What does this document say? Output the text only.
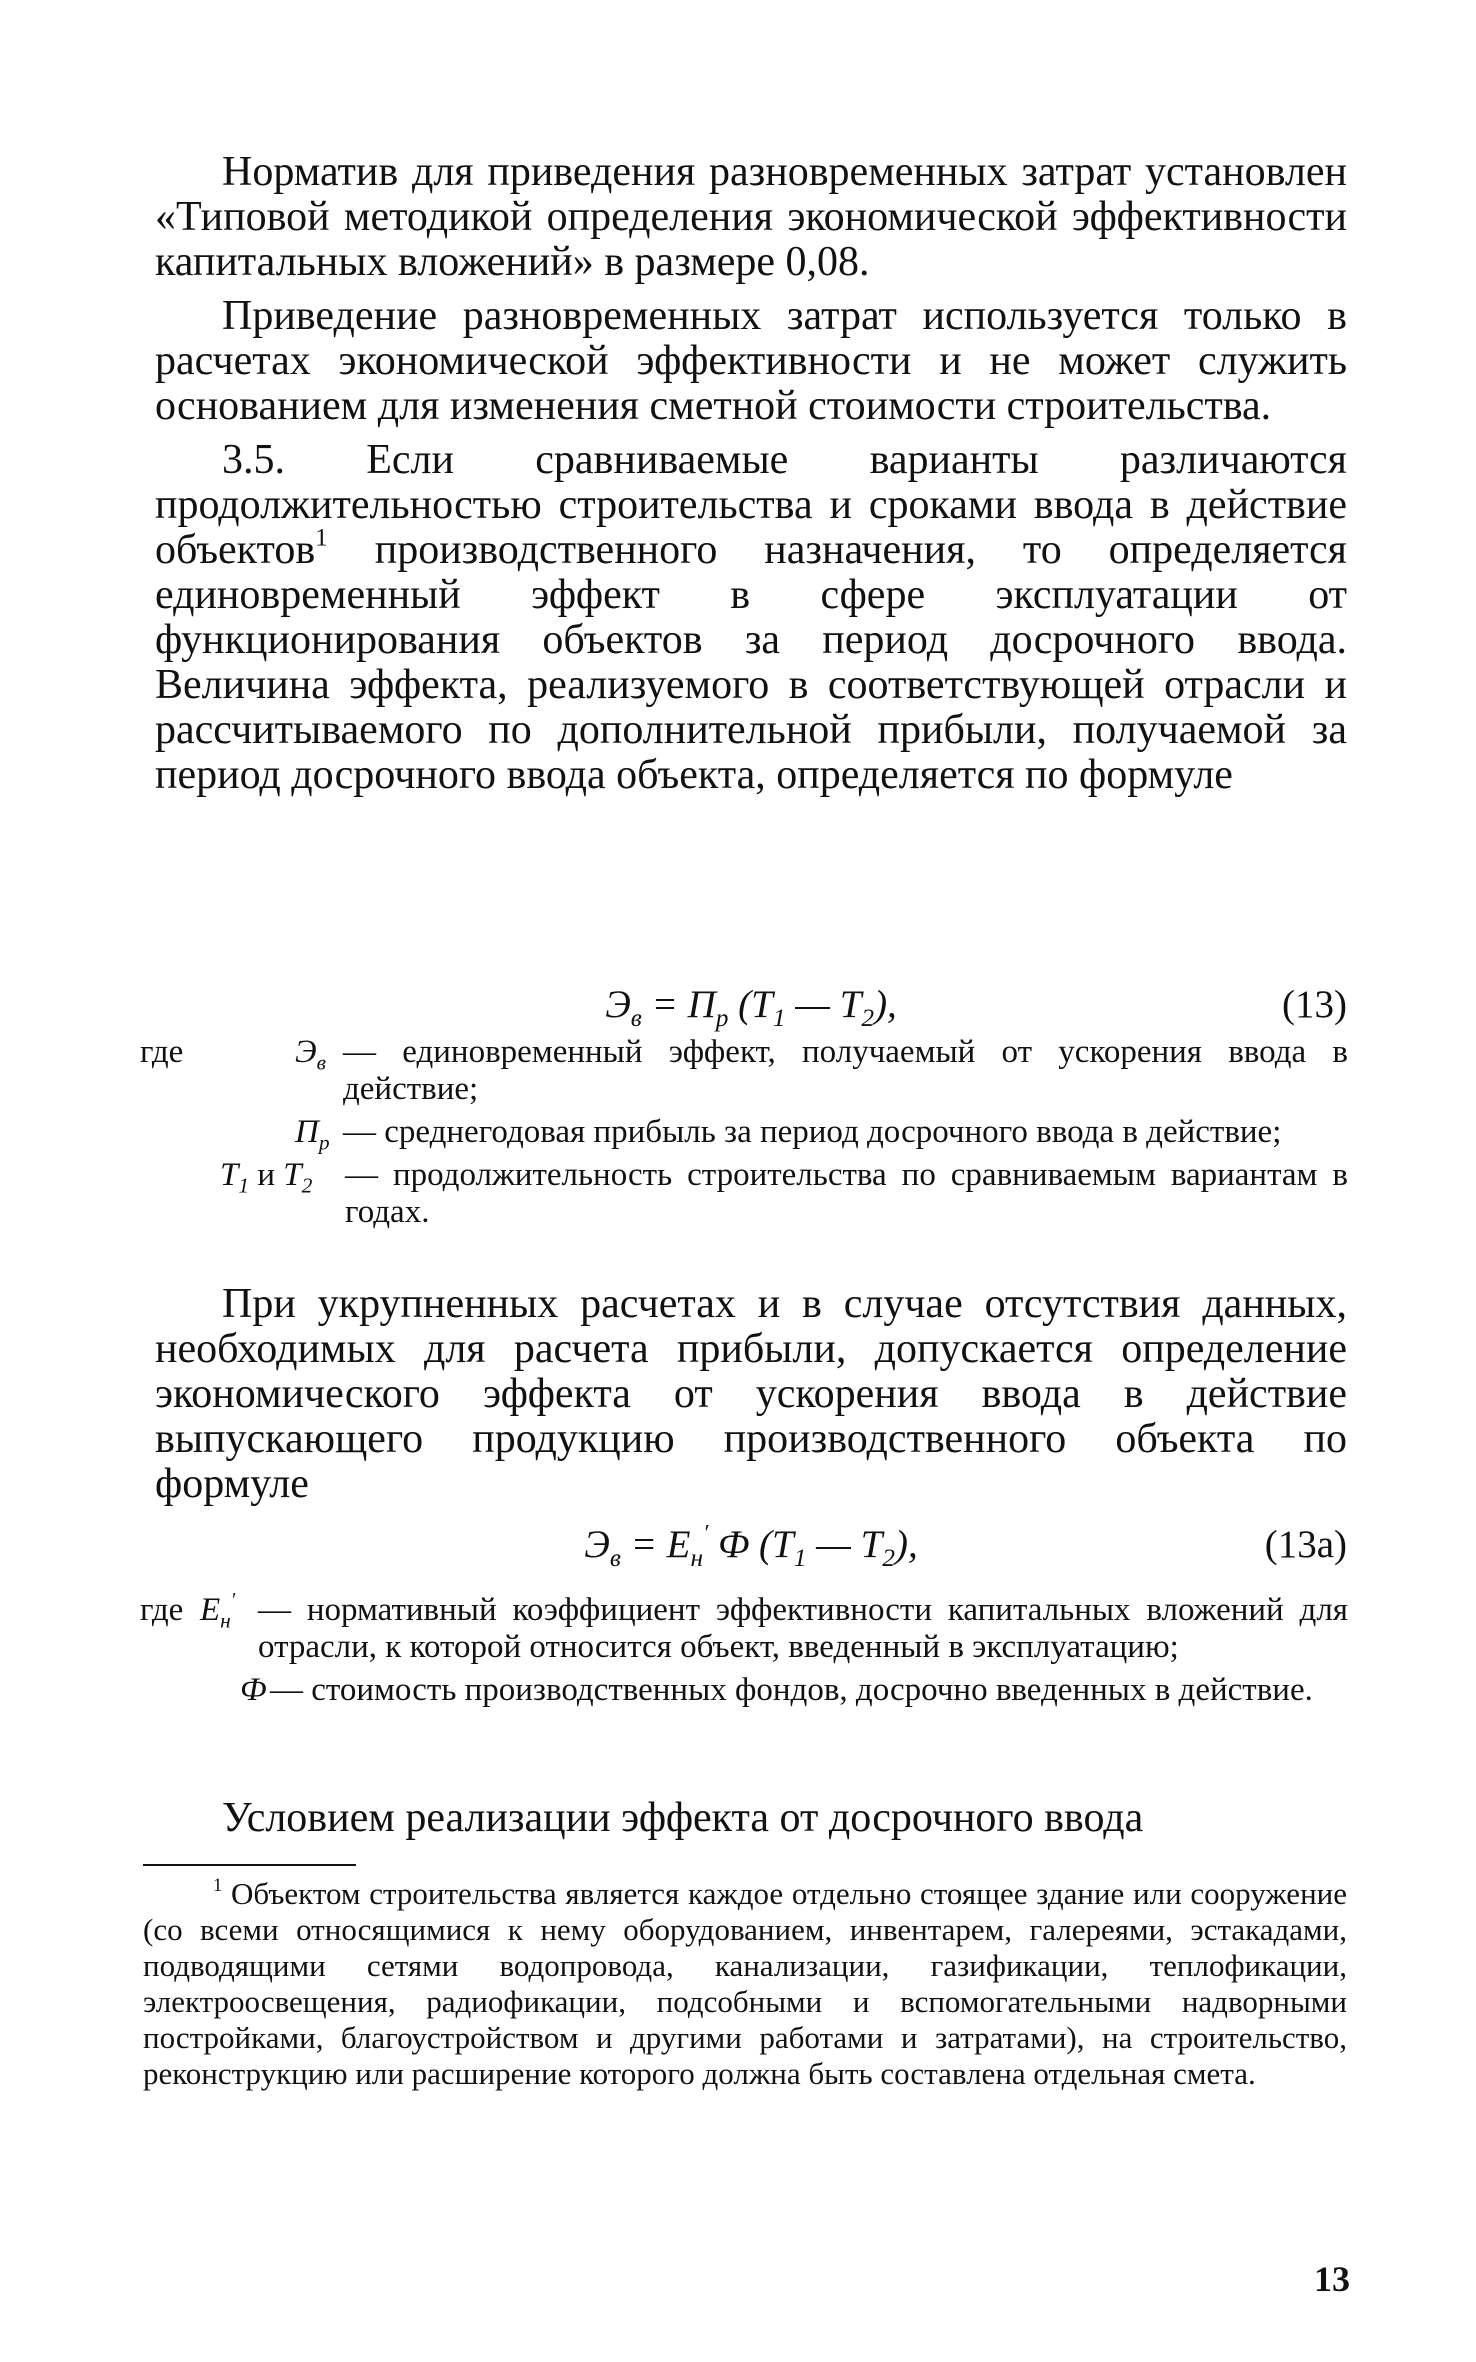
Норматив для приведения разновременных затрат установлен «Типовой методикой определения экономической эффективности капитальных вложений» в размере 0,08.

Приведение разновременных затрат используется только в расчетах экономической эффективности и не может служить основанием для изменения сметной стоимости строительства.

3.5. Если сравниваемые варианты различаются продолжительностью строительства и сроками ввода в действие объектов$^1$ производственного назначения, то определяется единовременный эффект в сфере эксплуатации от функционирования объектов за период досрочного ввода. Величина эффекта, реализуемого в соответствующей отрасли и рассчитываемого по дополнительной прибыли, получаемой за период досрочного ввода объекта, определяется по формуле

$Э_в = П_р$ ($T_1$ — $T_2$),	(13)
где	$Э_в$ — единовременный эффект, получаемый от ускорения ввода в действие;
$П_р$ — среднегодовая прибыль за период досрочного ввода в действие;
$T_1$ и $T_2$ — продолжительность строительства по сравниваемым вариантам в годах.

При укрупненных расчетах и в случае отсутствия данных, необходимых для расчета прибыли, допускается определение экономического эффекта от ускорения ввода в действие выпускающего продукцию производственного объекта по формуле

$Э_в = E_н'$ Ф ($T_1$ — $T_2$),	(13а)
где $E_н'$ — нормативный коэффициент эффективности капитальных вложений для отрасли, к которой относится объект, введенный в эксплуатацию;
Ф — стоимость производственных фондов, досрочно введенных в действие.

Условием реализации эффекта от досрочного ввода

$^1$ Объектом строительства является каждое отдельно стоящее здание или сооружение (со всеми относящимися к нему оборудованием, инвентарем, галереями, эстакадами, подводящими сетями водопровода, канализации, газификации, теплофикации, электроосвещения, радиофикации, подсобными и вспомогательными надворными постройками, благоустройством и другими работами и затратами), на строительство, реконструкцию или расширение которого должна быть составлена отдельная смета.
13
